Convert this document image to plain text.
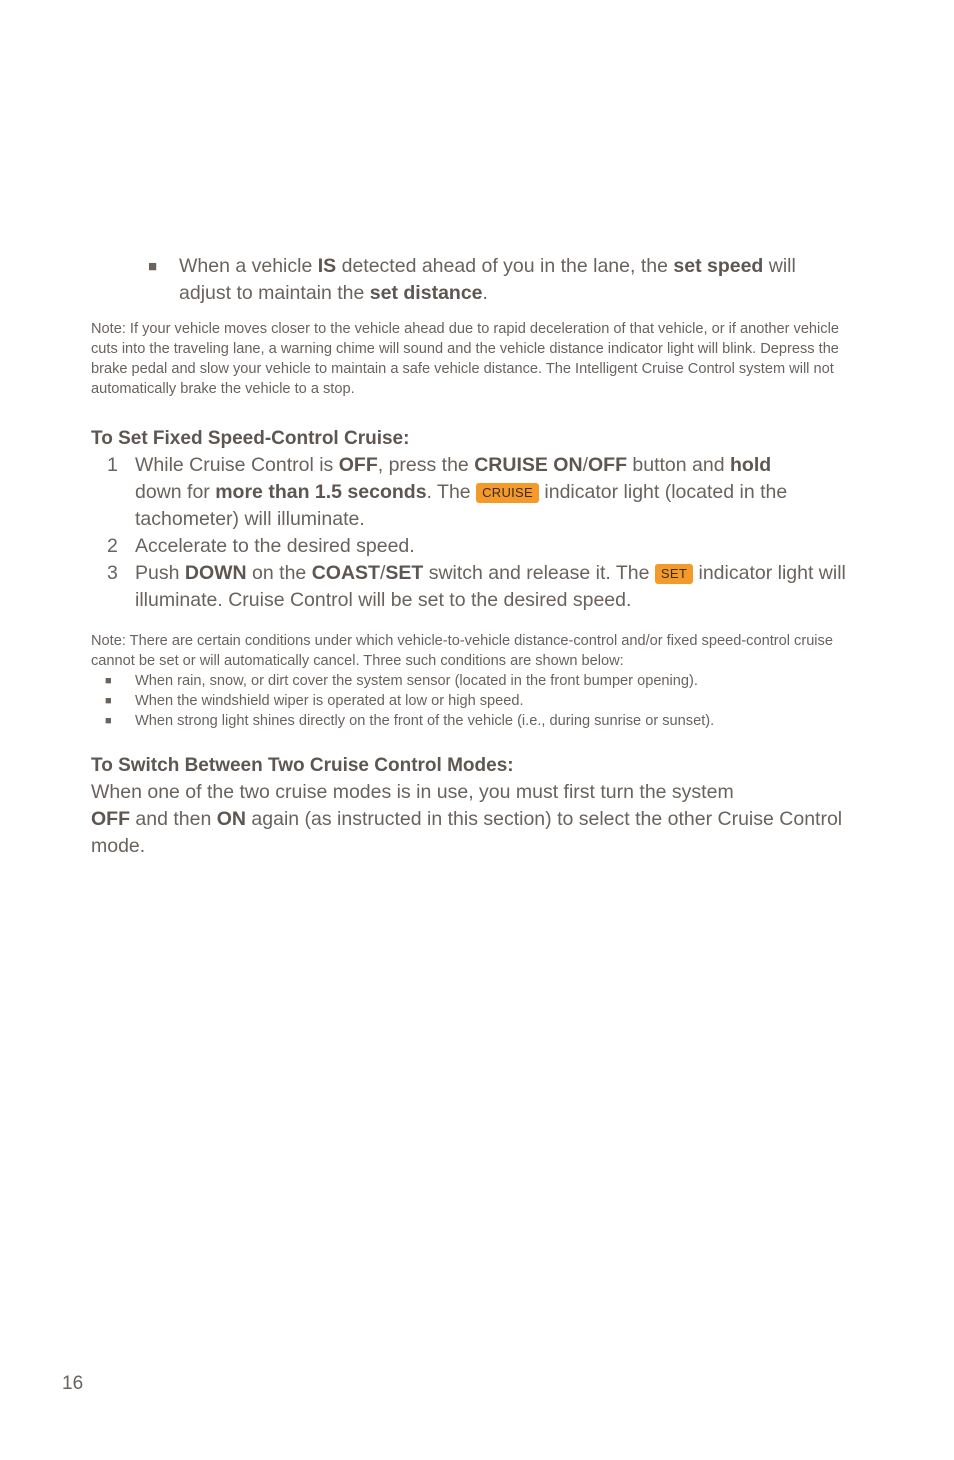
■ When a vehicle IS detected ahead of you in the lane, the set speed will adjust to maintain the set distance.
Note: If your vehicle moves closer to the vehicle ahead due to rapid deceleration of that vehicle, or if another vehicle cuts into the traveling lane, a warning chime will sound and the vehicle distance indicator light will blink. Depress the brake pedal and slow your vehicle to maintain a safe vehicle distance. The Intelligent Cruise Control system will not automatically brake the vehicle to a stop.
To Set Fixed Speed-Control Cruise:
1 While Cruise Control is OFF, press the CRUISE ON/OFF button and hold
down for more than 1.5 seconds. The CRUISE indicator light (located in the tachometer) will illuminate.
2 Accelerate to the desired speed.
3 Push DOWN on the COAST/SET switch and release it. The SET indicator light will illuminate. Cruise Control will be set to the desired speed.
Note: There are certain conditions under which vehicle-to-vehicle distance-control and/or fixed speed-control cruise cannot be set or will automatically cancel. Three such conditions are shown below:
■ When rain, snow, or dirt cover the system sensor (located in the front bumper opening).
■ When the windshield wiper is operated at low or high speed.
■ When strong light shines directly on the front of the vehicle (i.e., during sunrise or sunset).
To Switch Between Two Cruise Control Modes:
When one of the two cruise modes is in use, you must first turn the system
OFF and then ON again (as instructed in this section) to select the other Cruise Control mode.
16
